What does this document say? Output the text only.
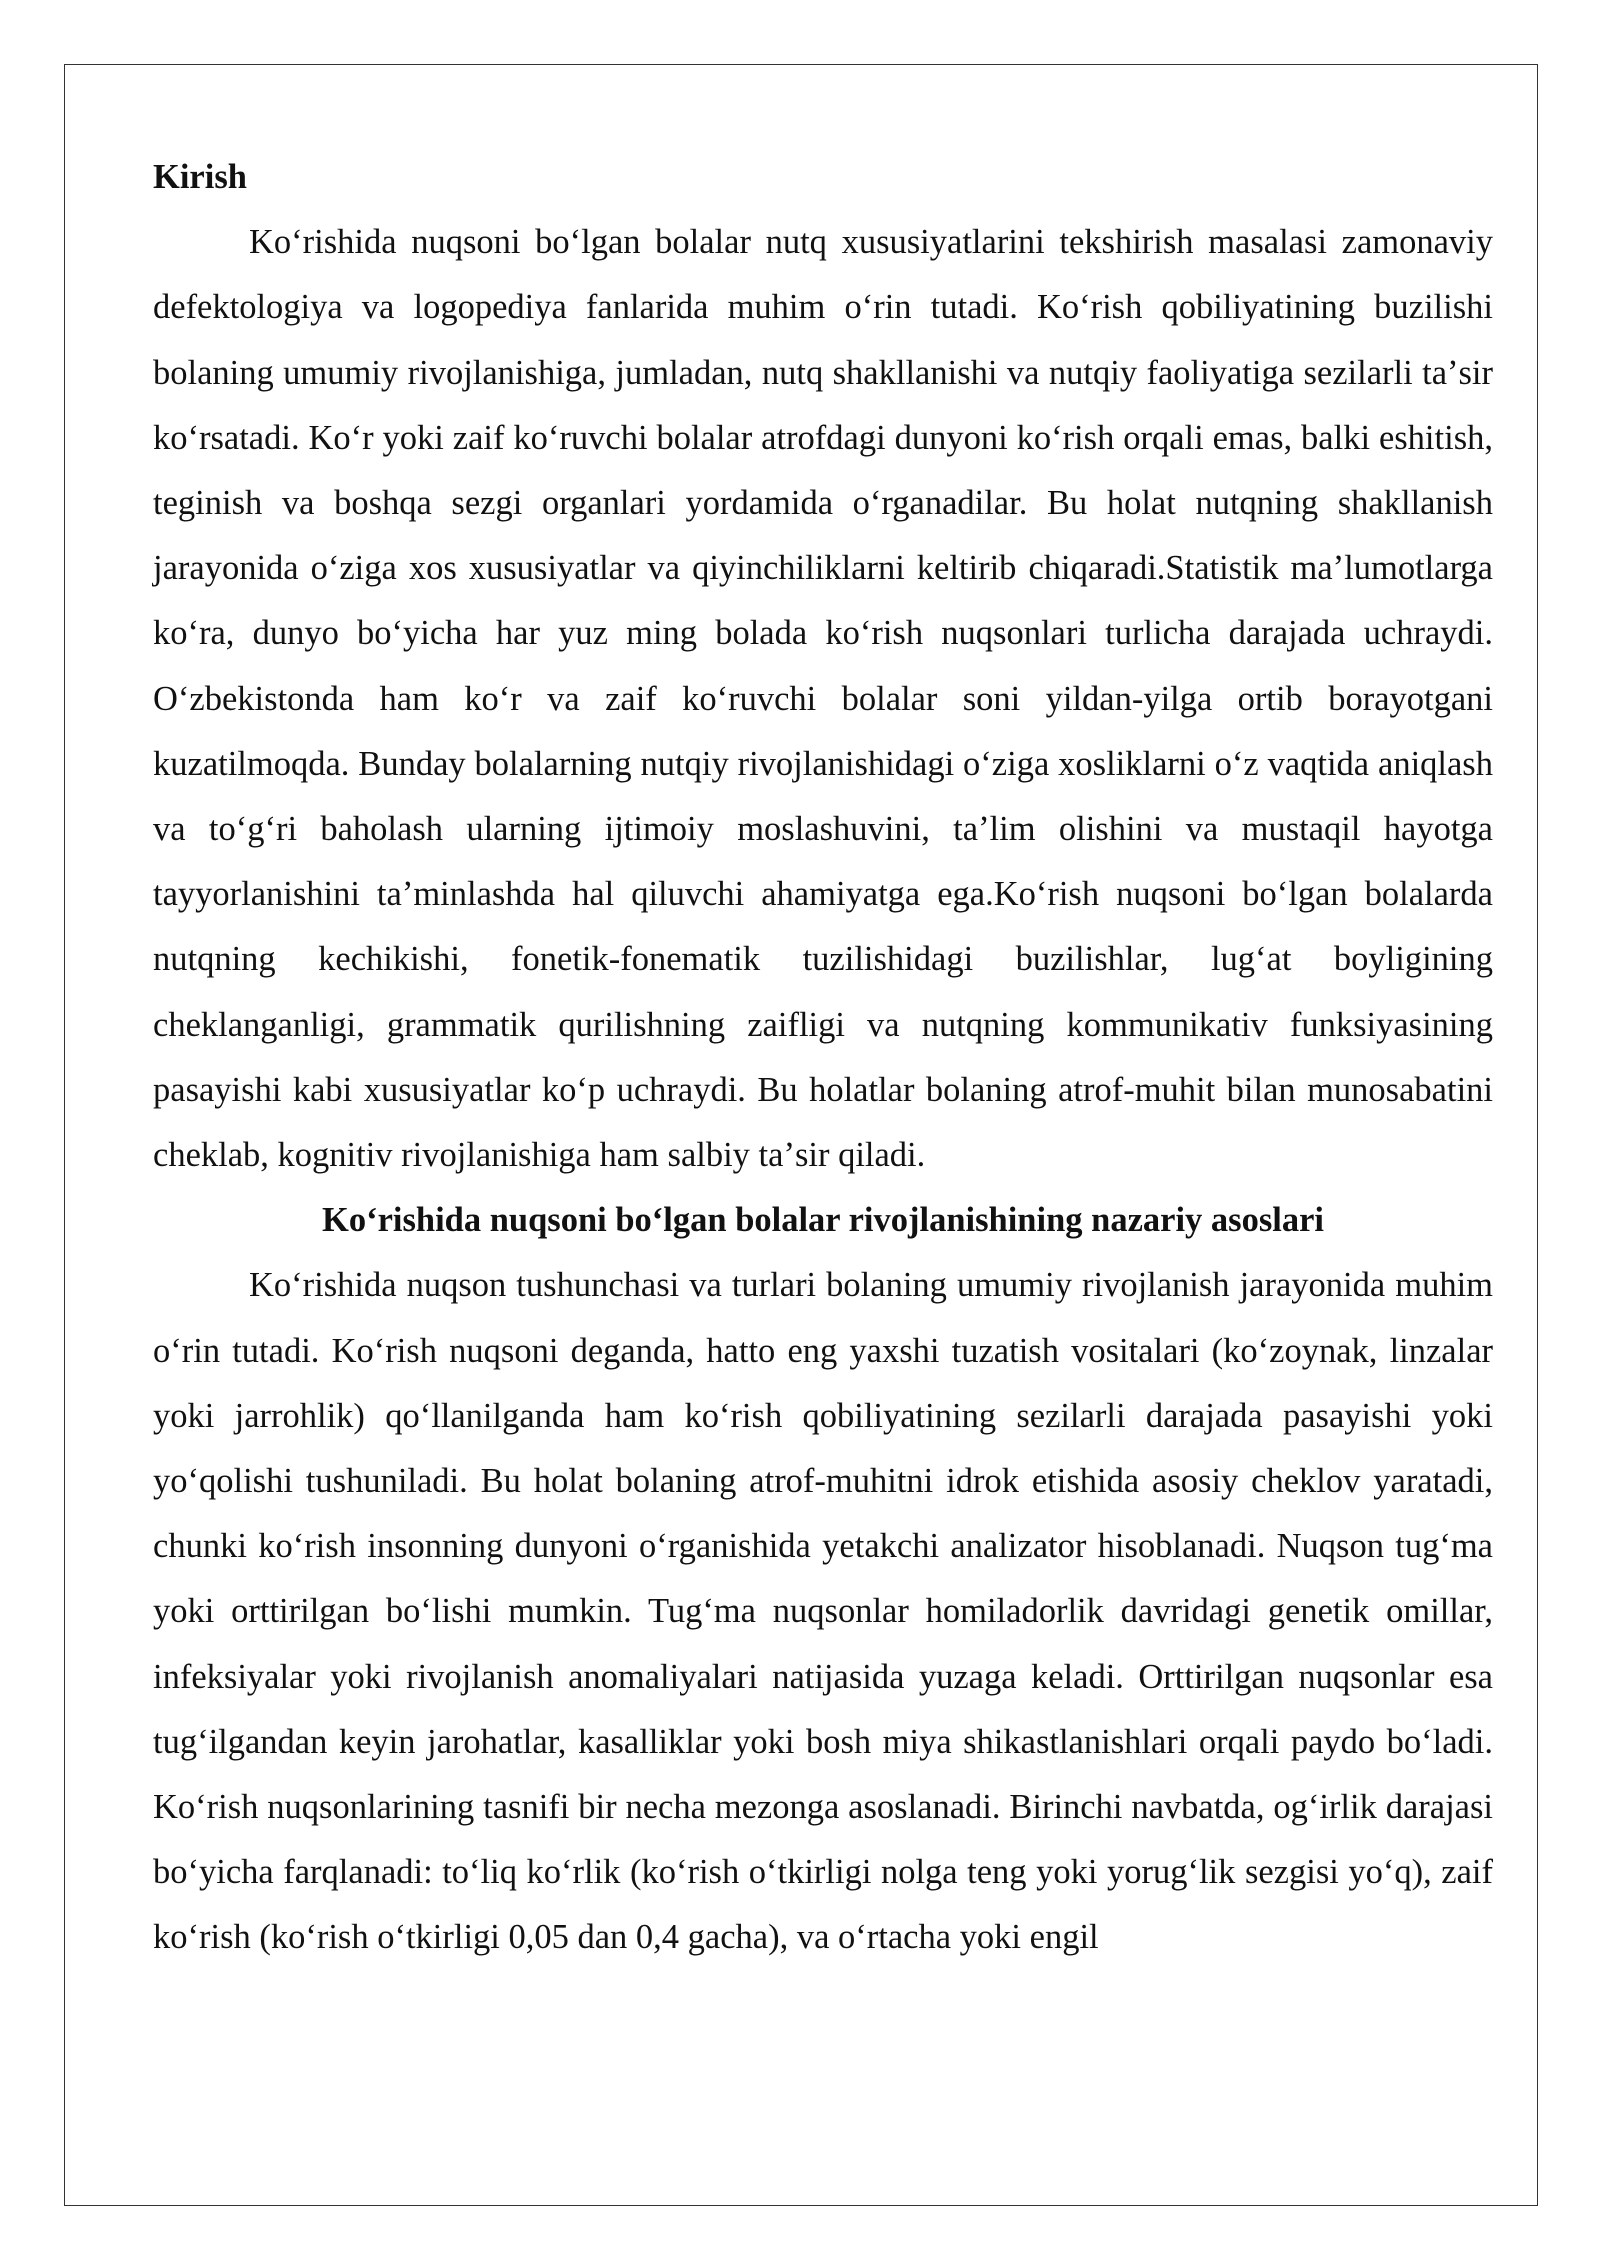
Kirish

Koʻrishida nuqsoni boʻlgan bolalar nutq xususiyatlarini tekshirish masalasi zamonaviy defektologiya va logopediya fanlarida muhim oʻrin tutadi. Koʻrish qobiliyatining buzilishi bolaning umumiy rivojlanishiga, jumladan, nutq shakllanishi va nutqiy faoliyatiga sezilarli taʼsir koʻrsatadi. Koʻr yoki zaif koʻruvchi bolalar atrofdagi dunyoni koʻrish orqali emas, balki eshitish, teginish va boshqa sezgi organlari yordamida oʻrganadilar. Bu holat nutqning shakllanish jarayonida oʻziga xos xususiyatlar va qiyinchiliklarni keltirib chiqaradi.Statistik maʼlumotlarga koʻra, dunyo boʻyicha har yuz ming bolada koʻrish nuqsonlari turlicha darajada uchraydi. Oʻzbekistonda ham koʻr va zaif koʻruvchi bolalar soni yildan-yilga ortib borayotgani kuzatilmoqda. Bunday bolalarning nutqiy rivojlanishidagi oʻziga xosliklarni oʻz vaqtida aniqlash va toʻgʻri baholash ularning ijtimoiy moslashuvini, taʼlim olishini va mustaqil hayotga tayyorlanishini taʼminlashda hal qiluvchi ahamiyatga ega.Koʻrish nuqsoni boʻlgan bolalarda nutqning kechikishi, fonetik-fonematik tuzilishidagi buzilishlar, lugʻat boyligining cheklanganligi, grammatik qurilishning zaifligi va nutqning kommunikativ funksiyasining pasayishi kabi xususiyatlar koʻp uchraydi. Bu holatlar bolaning atrof-muhit bilan munosabatini cheklab, kognitiv rivojlanishiga ham salbiy taʼsir qiladi.

Koʻrishida nuqsoni boʻlgan bolalar rivojlanishining nazariy asoslari

Koʻrishida nuqson tushunchasi va turlari bolaning umumiy rivojlanish jarayonida muhim oʻrin tutadi. Koʻrish nuqsoni deganda, hatto eng yaxshi tuzatish vositalari (koʻzoynak, linzalar yoki jarrohlik) qoʻllanilganda ham koʻrish qobiliyatining sezilarli darajada pasayishi yoki yoʻqolishi tushuniladi. Bu holat bolaning atrof-muhitni idrok etishida asosiy cheklov yaratadi, chunki koʻrish insonning dunyoni oʻrganishida yetakchi analizator hisoblanadi. Nuqson tugʻma yoki orttirilgan boʻlishi mumkin. Tugʻma nuqsonlar homiladorlik davridagi genetik omillar, infeksiyalar yoki rivojlanish anomaliyalari natijasida yuzaga keladi. Orttirilgan nuqsonlar esa tugʻilgandan keyin jarohatlar, kasalliklar yoki bosh miya shikastlanishlari orqali paydo boʻladi. Koʻrish nuqsonlarining tasnifi bir necha mezonga asoslanadi. Birinchi navbatda, ogʻirlik darajasi boʻyicha farqlanadi: toʻliq koʻrlik (koʻrish oʻtkirligi nolga teng yoki yorugʻlik sezgisi yoʻq), zaif koʻrish (koʻrish oʻtkirligi 0,05 dan 0,4 gacha), va oʻrtacha yoki engil
